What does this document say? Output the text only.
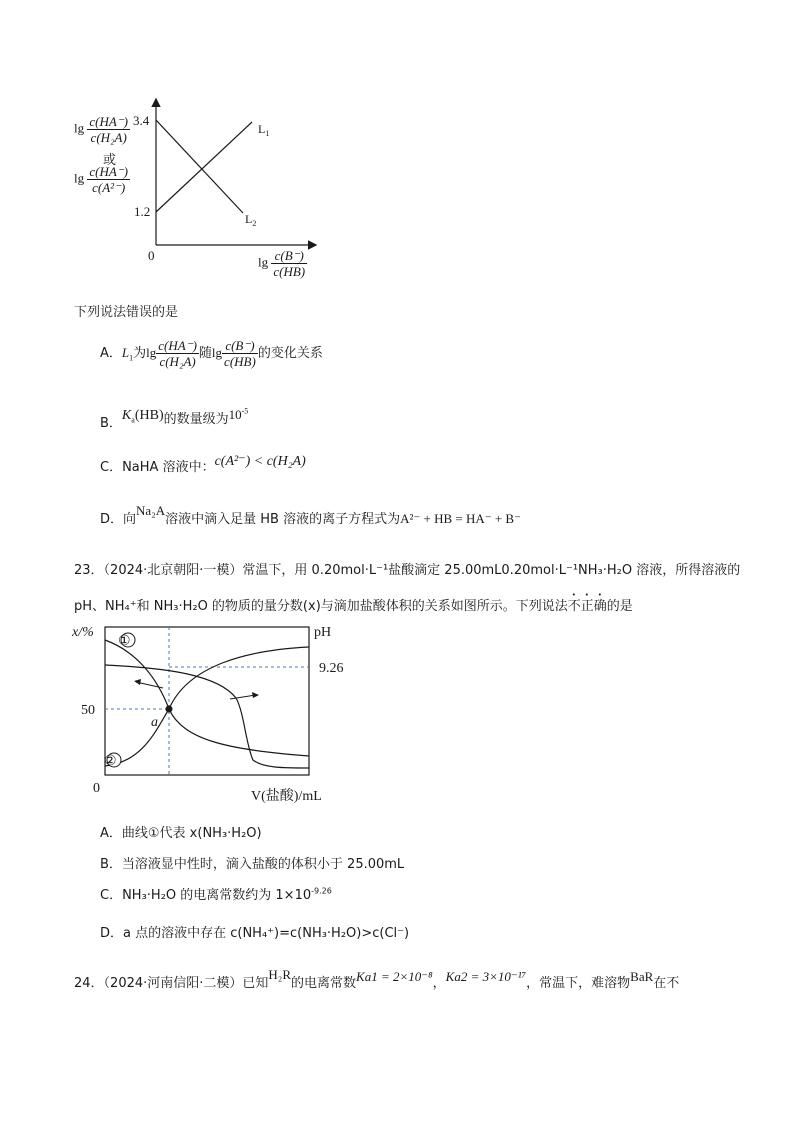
3.4
1.2
0
$L_1$
$L_2$
$\lg \frac{c(HA^-)}{\text{c(H₂A)}}$
或
$\lg \frac{c(HA^-)}{\text{c(A²⁻)}}$
$\lg \frac{c(B^-)}{c(HB)}$
下列说法错误的是
A．$L_1$为$\lg \frac{c(HA^-)}{\text{c(H₂A)}}$ 随$\lg \frac{c(B^-)}{c(HB)}$ 的变化关系
B．$K_a(HB)$的数量级为$10^{-5}$
C．NaHA 溶液中：c(A²⁻) < c(H₂A)
D．向Na₂A溶液中滴入足量 HB 溶液的离子方程式为A²⁻ + HB = HA⁻ + B⁻
23．（2024·北京朝阳·一模）常温下，用 0.20mol·L⁻¹盐酸滴定 25.00mL0.20mol·L⁻¹NH₃·H₂O 溶液，所得溶液的
pH、NH₄⁺和 NH₃·H₂O 的物质的量分数(x)与滴加盐酸体积的关系如图所示。下列说法不正确的是
a
①
②
x/%	pH
9.26
50
0
V(盐酸)/mL
A．曲线①代表 x(NH₃·H₂O)
B．当溶液显中性时，滴入盐酸的体积小于 25.00mL
C．NH₃·H₂O 的电离常数约为 $1\times 10^{-9.26}$
D．a 点的溶液中存在 c(NH₄⁺)=c(NH₃·H₂O)>c(Cl⁻)
24．（2024·河南信阳·二模）已知H₂R的电离常数Ka1 = 2×10⁻⁸，Ka2 = 3×10⁻¹⁷，常温下，难溶物BaR在不
